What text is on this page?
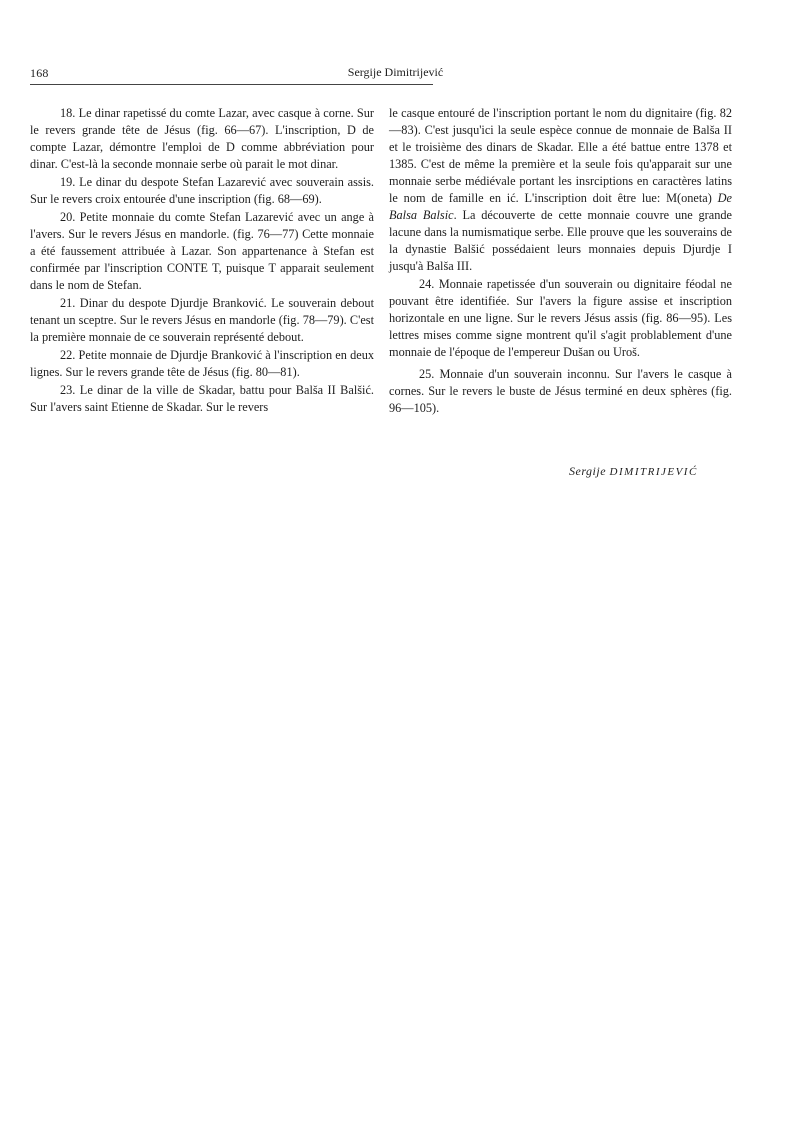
168	Sergije Dimitrijević

18. Le dinar rapetissé du comte Lazar, avec casque à corne. Sur le revers grande tête de Jésus (fig. 66—67). L'inscription, D de compte Lazar, démontre l'emploi de D comme abbréviation pour dinar. C'est-là la seconde monnaie serbe où parait le mot dinar.

19. Le dinar du despote Stefan Lazarević avec souverain assis. Sur le revers croix entourée d'une inscription (fig. 68—69).

20. Petite monnaie du comte Stefan Lazarević avec un ange à l'avers. Sur le revers Jésus en mandorle. (fig. 76—77) Cette monnaie a été faussement attribuée à Lazar. Son appartenance à Stefan est confirmée par l'inscription CONTE T, puisque T apparait seulement dans le nom de Stefan.

21. Dinar du despote Djurdje Branković. Le souverain debout tenant un sceptre. Sur le revers Jésus en mandorle (fig. 78—79). C'est la première monnaie de ce souverain représenté debout.

22. Petite monnaie de Djurdje Branković à l'inscription en deux lignes. Sur le revers grande tête de Jésus (fig. 80—81).

23. Le dinar de la ville de Skadar, battu pour Balša II Balšić. Sur l'avers saint Etienne de Skadar. Sur le revers

le casque entouré de l'inscription portant le nom du dignitaire (fig. 82—83). C'est jusqu'ici la seule espèce connue de monnaie de Balša II et le troisième des dinars de Skadar. Elle a été battue entre 1378 et 1385. C'est de même la première et la seule fois qu'apparait sur une monnaie serbe médiévale portant les insrciptions en caractères latins le nom de famille en ić. L'inscription doit être lue: M(oneta) De Balsa Balsic. La découverte de cette monnaie couvre une grande lacune dans la numismatique serbe. Elle prouve que les souverains de la dynastie Balšić possédaient leurs monnaies depuis Djurdje I jusqu'à Balša III.

24. Monnaie rapetissée d'un souverain ou dignitaire féodal ne pouvant être identifiée. Sur l'avers la figure assise et inscription horizontale en une ligne. Sur le revers Jésus assis (fig. 86—95). Les lettres mises comme signe montrent qu'il s'agit problablement d'une monnaie de l'époque de l'empereur Dušan ou Uroš.

25. Monnaie d'un souverain inconnu. Sur l'avers le casque à cornes. Sur le revers le buste de Jésus terminé en deux sphères (fig. 96—105).

Sergije DIMITRIJEVIĆ
